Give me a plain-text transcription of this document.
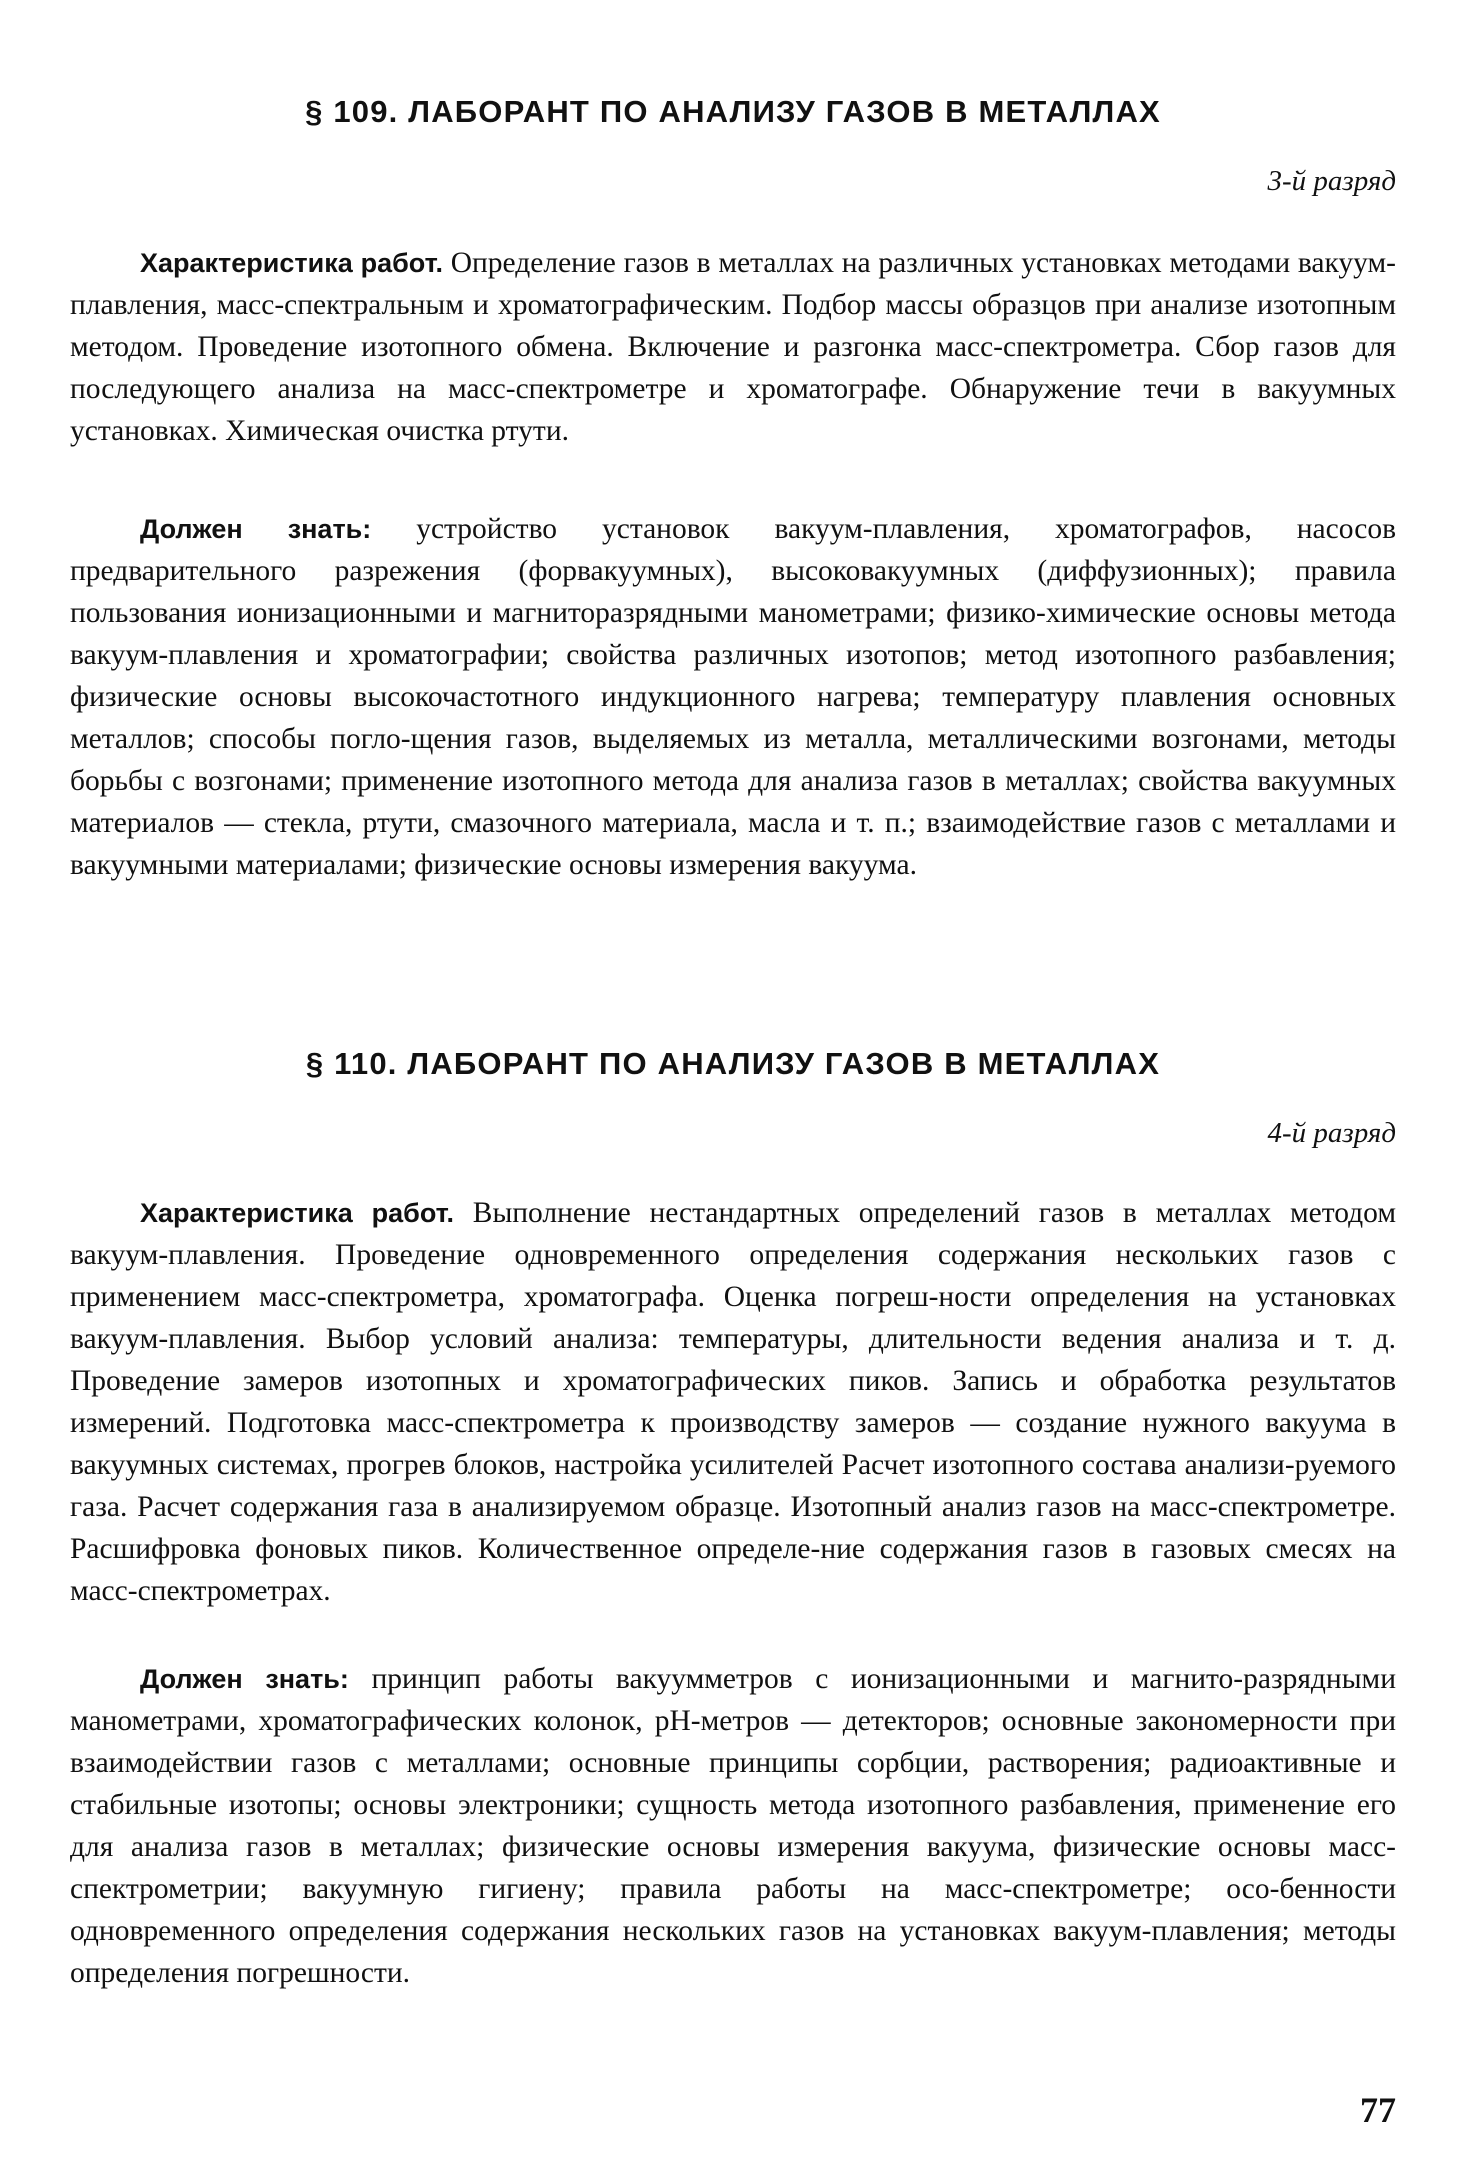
§ 109. ЛАБОРАНТ ПО АНАЛИЗУ ГАЗОВ В МЕТАЛЛАХ
3-й разряд

Характеристика работ. Определение газов в металлах на различных установках методами вакуум-плавления, масс-спектральным и хроматографическим. Подбор массы образцов при анализе изотопным методом. Проведение изотопного обмена. Включение и разгонка масс-спектрометра. Сбор газов для последующего анализа на масс-спектрометре и хроматографе. Обнаружение течи в вакуумных установках. Химическая очистка ртути.

Должен знать: устройство установок вакуум-плавления, хроматографов, насосов предварительного разрежения (форвакуумных), высоковакуумных (диффузионных); правила пользования ионизационными и магниторазрядными манометрами; физико-химические основы метода вакуум-плавления и хроматографии; свойства различных изотопов; метод изотопного разбавления; физические основы высокочастотного индукционного нагрева; температуру плавления основных металлов; способы погло-щения газов, выделяемых из металла, металлическими возгонами, методы борьбы с возгонами; применение изотопного метода для анализа газов в металлах; свойства вакуумных материалов — стекла, ртути, смазочного материала, масла и т. п.; взаимодействие газов с металлами и вакуумными материалами; физические основы измерения вакуума.

§ 110. ЛАБОРАНТ ПО АНАЛИЗУ ГАЗОВ В МЕТАЛЛАХ
4-й разряд

Характеристика работ. Выполнение нестандартных определений газов в металлах методом вакуум-плавления. Проведение одновременного определения содержания нескольких газов с применением масс-спектрометра, хроматографа. Оценка погреш-ности определения на установках вакуум-плавления. Выбор условий анализа: температуры, длительности ведения анализа и т. д. Проведение замеров изотопных и хроматографических пиков. Запись и обработка результатов измерений. Подготовка масс-спектрометра к производству замеров — создание нужного вакуума в вакуумных системах, прогрев блоков, настройка усилителей Расчет изотопного состава анализи-руемого газа. Расчет содержания газа в анализируемом образце. Изотопный анализ газов на масс-спектрометре. Расшифровка фоновых пиков. Количественное определе-ние содержания газов в газовых смесях на масс-спектрометрах.

Должен знать: принцип работы вакуумметров с ионизационными и магнито-разрядными манометрами, хроматографических колонок, pH-метров — детекторов; основные закономерности при взаимодействии газов с металлами; основные принципы сорбции, растворения; радиоактивные и стабильные изотопы; основы электроники; сущность метода изотопного разбавления, применение его для анализа газов в металлах; физические основы измерения вакуума, физические основы масс-спектрометрии; вакуумную гигиену; правила работы на масс-спектрометре; осо-бенности одновременного определения содержания нескольких газов на установках вакуум-плавления; методы определения погрешности.

77
